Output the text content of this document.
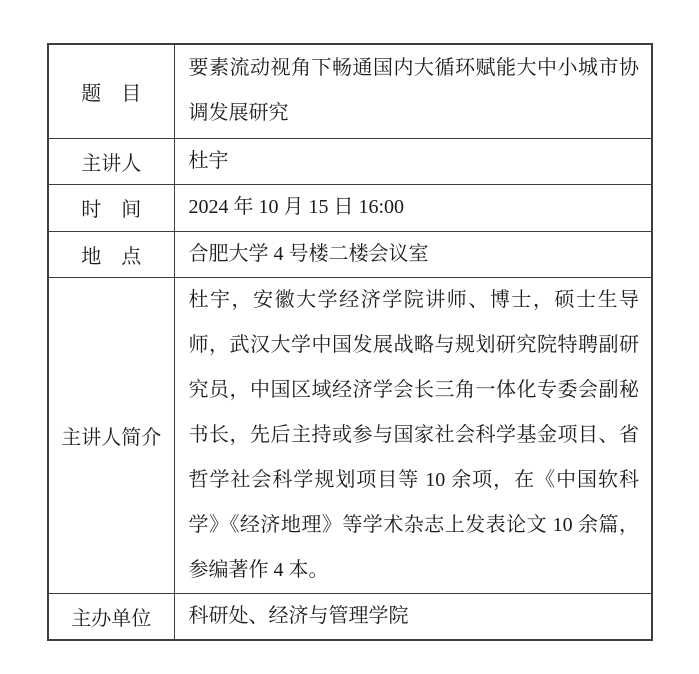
题　目	要素流动视角下畅通国内大循环赋能大中小城市协调发展研究
主讲人	杜宇
时　间	2024 年 10 月 15 日 16:00
地　点	合肥大学 4 号楼二楼会议室
主讲人简介	杜宇，安徽大学经济学院讲师、博士，硕士生导师，武汉大学中国发展战略与规划研究院特聘副研究员，中国区域经济学会长三角一体化专委会副秘书长，先后主持或参与国家社会科学基金项目、省哲学社会科学规划项目等 10 余项，在《中国软科学》《经济地理》等学术杂志上发表论文 10 余篇，参编著作 4 本。
主办单位	科研处、经济与管理学院
